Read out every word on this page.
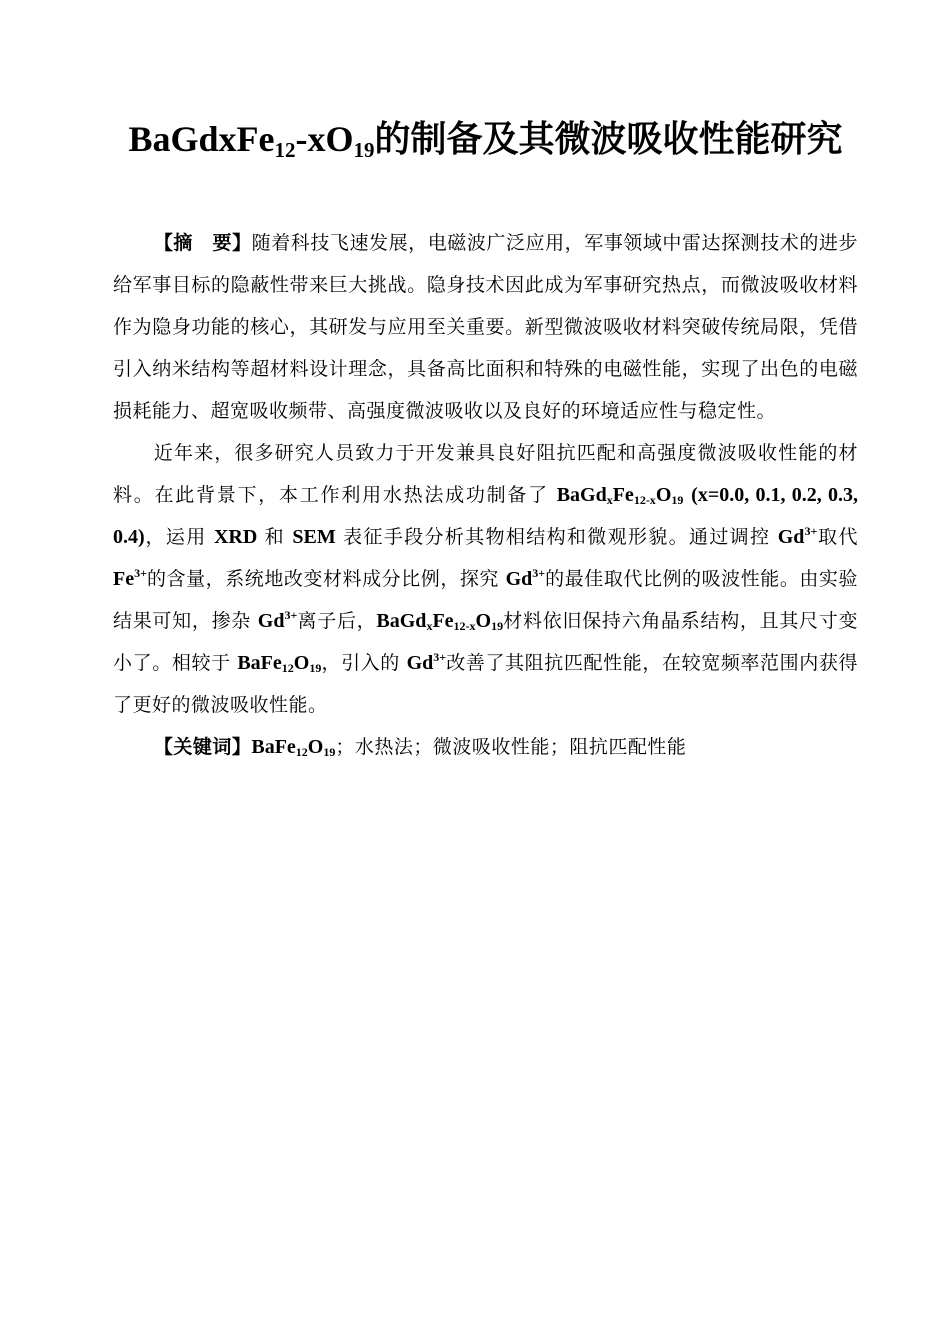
$BaGdxFe_{12}-xO_{19}$的制备及其微波吸收性能研究

【摘　要】随着科技飞速发展，电磁波广泛应用，军事领域中雷达探测技术的进步给军事目标的隐蔽性带来巨大挑战。隐身技术因此成为军事研究热点，而微波吸收材料作为隐身功能的核心，其研发与应用至关重要。新型微波吸收材料突破传统局限，凭借引入纳米结构等超材料设计理念，具备高比面积和特殊的电磁性能，实现了出色的电磁损耗能力、超宽吸收频带、高强度微波吸收以及良好的环境适应性与稳定性。

近年来，很多研究人员致力于开发兼具良好阻抗匹配和高强度微波吸收性能的材料。在此背景下，本工作利用水热法成功制备了 $BaGd_xFe_{12-x}O_{19}$ (x=0.0, 0.1, 0.2, 0.3, 0.4)，运用 XRD 和 SEM 表征手段分析其物相结构和微观形貌。通过调控 $Gd^{3+}$取代 $Fe^{3+}$的含量，系统地改变材料成分比例，探究 $Gd^{3+}$的最佳取代比例的吸波性能。由实验结果可知，掺杂 $Gd^{3+}$离子后，$BaGd_xFe_{12-x}O_{19}$材料依旧保持六角晶系结构，且其尺寸变小了。相较于 $BaFe_{12}O_{19}$，引入的 $Gd^{3+}$改善了其阻抗匹配性能，在较宽频率范围内获得了更好的微波吸收性能。

【关键词】$BaFe_{12}O_{19}$；水热法；微波吸收性能；阻抗匹配性能
